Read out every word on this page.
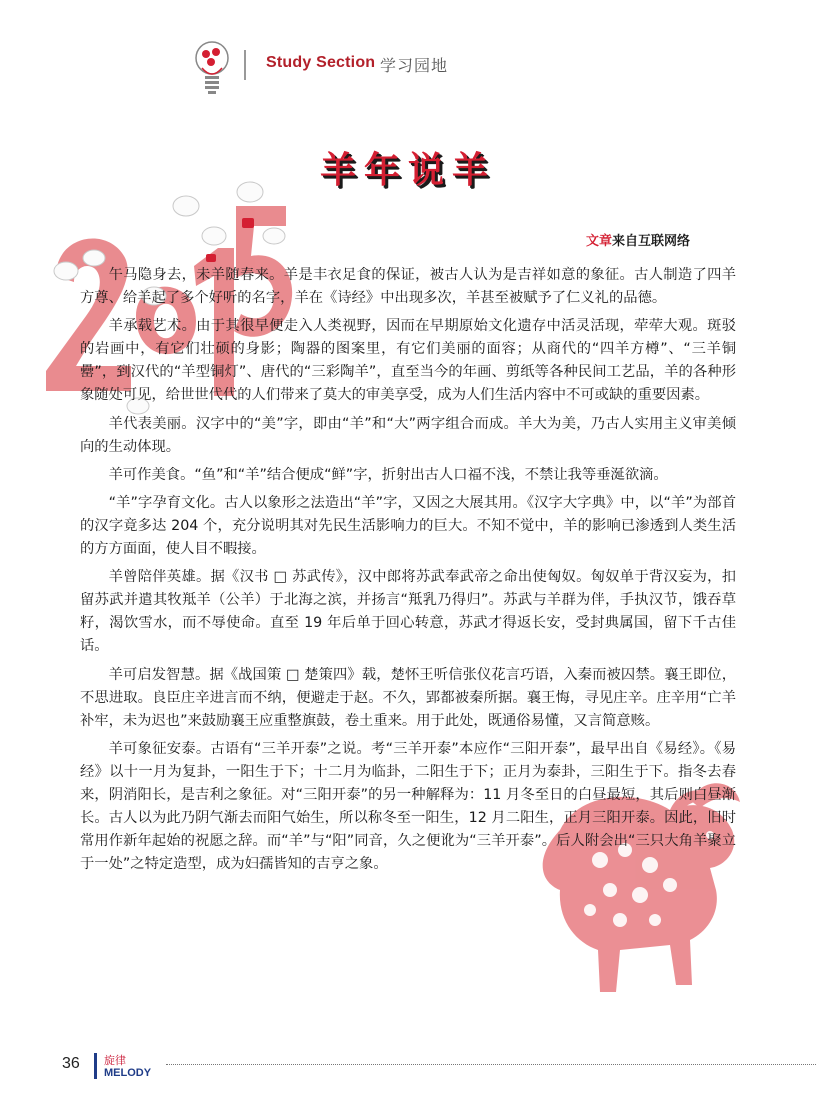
Study Section 学习园地
羊年说羊
文章来自互联网络

午马隐身去，未羊随春来。羊是丰衣足食的保证，被古人认为是吉祥如意的象征。古人制造了四羊方尊、给羊起了多个好听的名字，羊在《诗经》中出现多次，羊甚至被赋予了仁义礼的品德。

羊承载艺术。由于其很早便走入人类视野，因而在早期原始文化遗存中活灵活现，荦荦大观。斑驳的岩画中，有它们壮硕的身影；陶器的图案里，有它们美丽的面容；从商代的“四羊方樽”、“三羊铜罍”，到汉代的“羊型铜灯”、唐代的“三彩陶羊”，直至当今的年画、剪纸等各种民间工艺品，羊的各种形象随处可见，给世世代代的人们带来了莫大的审美享受，成为人们生活内容中不可或缺的重要因素。

羊代表美丽。汉字中的“美”字，即由“羊”和“大”两字组合而成。羊大为美，乃古人实用主义审美倾向的生动体现。

羊可作美食。“鱼”和“羊”结合便成“鲜”字，折射出古人口福不浅，不禁让我等垂涎欲滴。

“羊”字孕育文化。古人以象形之法造出“羊”字，又因之大展其用。《汉字大字典》中，以“羊”为部首的汉字竟多达 204 个，充分说明其对先民生活影响力的巨大。不知不觉中，羊的影响已渗透到人类生活的方方面面，使人目不暇接。

羊曾陪伴英雄。据《汉书 □ 苏武传》，汉中郎将苏武奉武帝之命出使匈奴。匈奴单于背汉妄为，扣留苏武并遣其牧羝羊（公羊）于北海之滨，并扬言“羝乳乃得归”。苏武与羊群为伴，手执汉节，饿吞草籽，渴饮雪水，而不辱使命。直至 19 年后单于回心转意，苏武才得返长安，受封典属国，留下千古佳话。

羊可启发智慧。据《战国策 □ 楚策四》载，楚怀王听信张仪花言巧语，入秦而被囚禁。襄王即位，不思进取。良臣庄辛进言而不纳，便避走于赵。不久，郢都被秦所据。襄王悔，寻见庄辛。庄辛用“亡羊补牢，未为迟也”来鼓励襄王应重整旗鼓，卷土重来。用于此处，既通俗易懂，又言简意赅。

羊可象征安泰。古语有“三羊开泰”之说。考“三羊开泰”本应作“三阳开泰”，最早出自《易经》。《易经》以十一月为复卦，一阳生于下；十二月为临卦，二阳生于下；正月为泰卦，三阳生于下。指冬去春来，阴消阳长，是吉利之象征。对“三阳开泰”的另一种解释为：11 月冬至日的白昼最短，其后则白昼渐长。古人以为此乃阴气渐去而阳气始生，所以称冬至一阳生，12 月二阳生，正月三阳开泰。因此，旧时常用作新年起始的祝愿之辞。而“羊”与“阳”同音，久之便讹为“三羊开泰”。后人附会出“三只大角羊聚立于一处”之特定造型，成为妇孺皆知的吉亨之象。

36 旋律
MELODY
